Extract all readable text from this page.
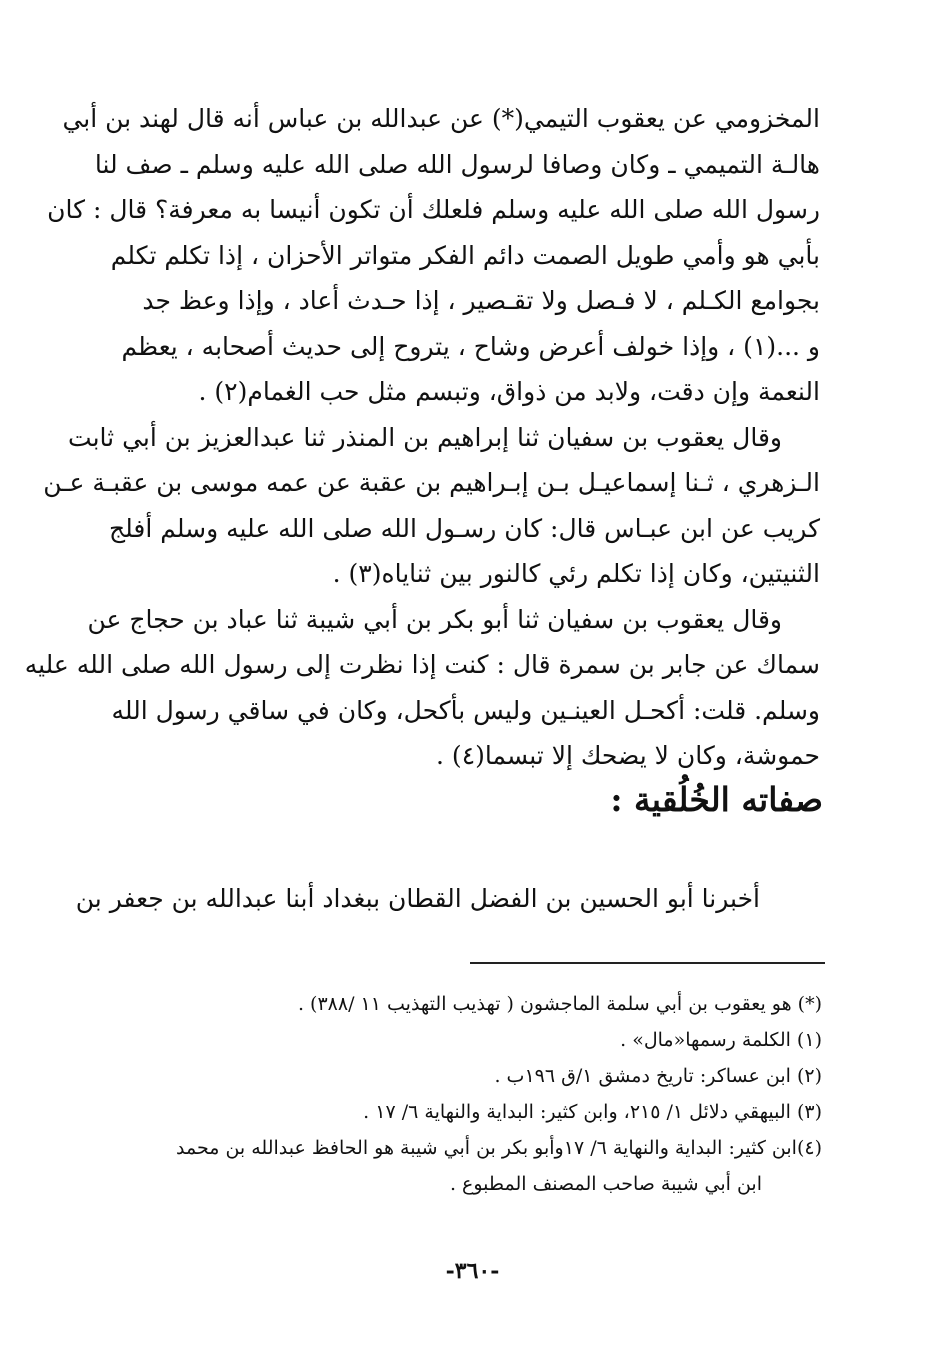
المخزومي عن يعقوب التيمي(*) عن عبدالله بن عباس أنه قال لهند بن أبي
هالـة التميمي ـ وكان وصافا لرسول الله صلى الله عليه وسلم ـ صف لنا
رسول الله صلى الله عليه وسلم فلعلك أن تكون أنيسا به معرفة؟ قال : كان
بأبي هو وأمي طويل الصمت دائم الفكر متواتر الأحزان ، إذا تكلم تكلم
بجوامع الكـلم ، لا فـصل ولا تقـصير ، إذا حـدث أعاد ، وإذا وعظ جد
و ...(١) ، وإذا خولف أعرض وشاح ، يتروح إلى حديث أصحابه ، يعظم
النعمة وإن دقت، ولابد من ذواق، وتبسم مثل حب الغمام(٢) .

وقال يعقوب بن سفيان ثنا إبراهيم بن المنذر ثنا عبدالعزيز بن أبي ثابت
الـزهري ، ثـنا إسماعيـل بـن إبـراهيم بن عقبة عن عمه موسى بن عقبـة عـن
كريب عن ابن عبـاس قال: كان رسـول الله صلى الله عليه وسلم أفلج
الثنيتين، وكان إذا تكلم رئي كالنور بين ثناياه(٣) .

وقال يعقوب بن سفيان ثنا أبو بكر بن أبي شيبة ثنا عباد بن حجاج عن
سماك عن جابر بن سمرة قال : كنت إذا نظرت إلى رسول الله صلى الله عليه
وسلم. قلت: أكحـل العينـين وليس بأكحل، وكان في ساقي رسول الله
حموشة، وكان لا يضحك إلا تبسما(٤) .

صفاته الخُلُقية :
أخبرنا أبو الحسين بن الفضل القطان ببغداد أبنا عبدالله بن جعفر بن
(*) هو يعقوب بن أبي سلمة الماجشون ( تهذيب التهذيب ١١ /٣٨٨) .
(١) الكلمة رسمها«مال» .
(٢) ابن عساكر: تاريخ دمشق ١/ق ١٩٦ب .
(٣) البيهقي دلائل ١/ ٢١٥، وابن كثير: البداية والنهاية ٦/ ١٧ .
(٤)ابن كثير: البداية والنهاية ٦/ ١٧وأبو بكر بن أبي شيبة هو الحافظ عبدالله بن محمد
ابن أبي شيبة صاحب المصنف المطبوع .
-٣٦٠-
